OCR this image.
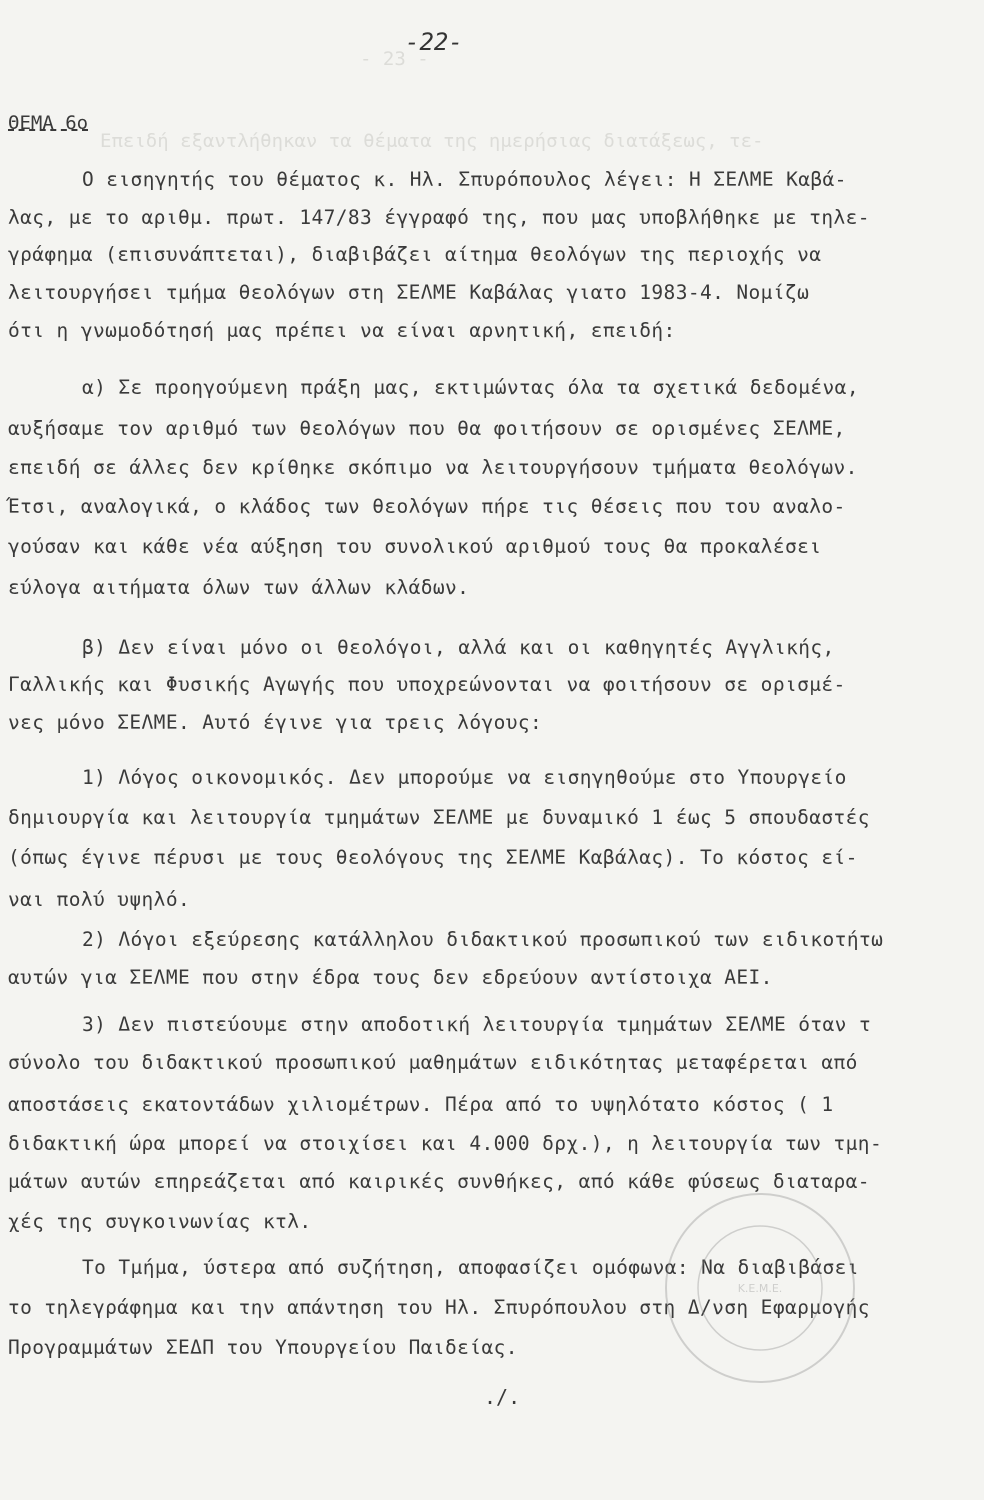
- 23 -
Επειδή εξαντλήθηκαν τα θέματα της ημερήσιας διατάξεως, τε-
-22-
ΘΕΜΑ 6ο
Ο εισηγητής του θέματος κ. Ηλ. Σπυρόπουλος λέγει: Η ΣΕΛΜΕ Καβά-
λας, με το αριθμ. πρωτ. 147/83 έγγραφό της, που μας υποβλήθηκε με τηλε-
γράφημα (επισυνάπτεται), διαβιβάζει αίτημα θεολόγων της περιοχής να
λειτουργήσει τμήμα θεολόγων στη ΣΕΛΜΕ Καβάλας γιατο 1983-4. Νομίζω
ότι η γνωμοδότησή μας πρέπει να είναι αρνητική, επειδή:
α) Σε προηγούμενη πράξη μας, εκτιμώντας όλα τα σχετικά δεδομένα,
αυξήσαμε τον αριθμό των θεολόγων που θα φοιτήσουν σε ορισμένες ΣΕΛΜΕ,
επειδή σε άλλες δεν κρίθηκε σκόπιμο να λειτουργήσουν τμήματα θεολόγων.
Έτσι, αναλογικά, ο κλάδος των θεολόγων πήρε τις θέσεις που του αναλο-
γούσαν και κάθε νέα αύξηση του συνολικού αριθμού τους θα προκαλέσει
εύλογα αιτήματα όλων των άλλων κλάδων.
β) Δεν είναι μόνο οι θεολόγοι, αλλά και οι καθηγητές Αγγλικής,
Γαλλικής και Φυσικής Αγωγής που υποχρεώνονται να φοιτήσουν σε ορισμέ-
νες μόνο ΣΕΛΜΕ. Αυτό έγινε για τρεις λόγους:
1) Λόγος οικονομικός. Δεν μπορούμε να εισηγηθούμε στο Υπουργείο
δημιουργία και λειτουργία τμημάτων ΣΕΛΜΕ με δυναμικό 1 έως 5 σπουδαστές
(όπως έγινε πέρυσι με τους θεολόγους της ΣΕΛΜΕ Καβάλας). Το κόστος εί-
ναι πολύ υψηλό.
2) Λόγοι εξεύρεσης κατάλληλου διδακτικού προσωπικού των ειδικοτήτω
αυτών για ΣΕΛΜΕ που στην έδρα τους δεν εδρεύουν αντίστοιχα ΑΕΙ.
3) Δεν πιστεύουμε στην αποδοτική λειτουργία τμημάτων ΣΕΛΜΕ όταν τ
σύνολο του διδακτικού προσωπικού μαθημάτων ειδικότητας μεταφέρεται από
αποστάσεις εκατοντάδων χιλιομέτρων. Πέρα από το υψηλότατο κόστος ( 1
διδακτική ώρα μπορεί να στοιχίσει και 4.000 δρχ.), η λειτουργία των τμη-
μάτων αυτών επηρεάζεται από καιρικές συνθήκες, από κάθε φύσεως διαταρα-
χές της συγκοινωνίας κτλ.
Το Τμήμα, ύστερα από συζήτηση, αποφασίζει ομόφωνα: Να διαβιβάσει
το τηλεγράφημα και την απάντηση του Ηλ. Σπυρόπουλου στη Δ/νση Εφαρμογής
Προγραμμάτων ΣΕΔΠ του Υπουργείου Παιδείας.
./.
Κ.Ε.Μ.Ε.
